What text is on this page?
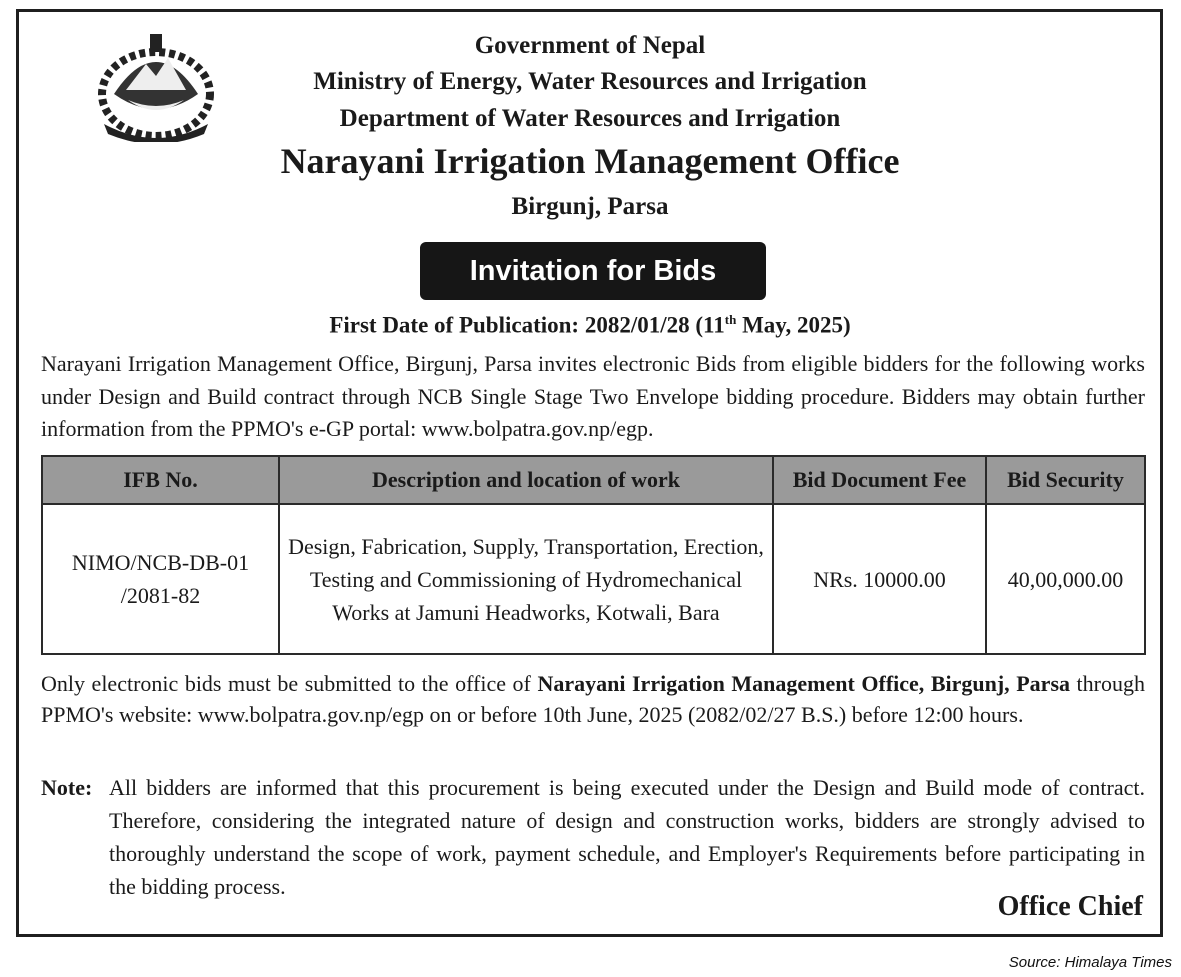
Government of Nepal
Ministry of Energy, Water Resources and Irrigation
Department of Water Resources and Irrigation
Narayani Irrigation Management Office
Birgunj, Parsa
Invitation for Bids
First Date of Publication: 2082/01/28 (11th May, 2025)
Narayani Irrigation Management Office, Birgunj, Parsa invites electronic Bids from eligible bidders for the following works under Design and Build contract through NCB Single Stage Two Envelope bidding procedure. Bidders may obtain further information from the PPMO's e-GP portal: www.bolpatra.gov.np/egp.
IFB No.	Description and location of work	Bid Document Fee	Bid Security
NIMO/NCB-DB-01 /2081-82	Design, Fabrication, Supply, Transportation, Erection, Testing and Commissioning of Hydromechanical Works at Jamuni Headworks, Kotwali, Bara	NRs. 10000.00	40,00,000.00
Only electronic bids must be submitted to the office of Narayani Irrigation Management Office, Birgunj, Parsa through PPMO's website: www.bolpatra.gov.np/egp on or before 10th June, 2025 (2082/02/27 B.S.) before 12:00 hours.
Note: All bidders are informed that this procurement is being executed under the Design and Build mode of contract. Therefore, considering the integrated nature of design and construction works, bidders are strongly advised to thoroughly understand the scope of work, payment schedule, and Employer's Requirements before participating in the bidding process.
Office Chief
Source: Himalaya Times
